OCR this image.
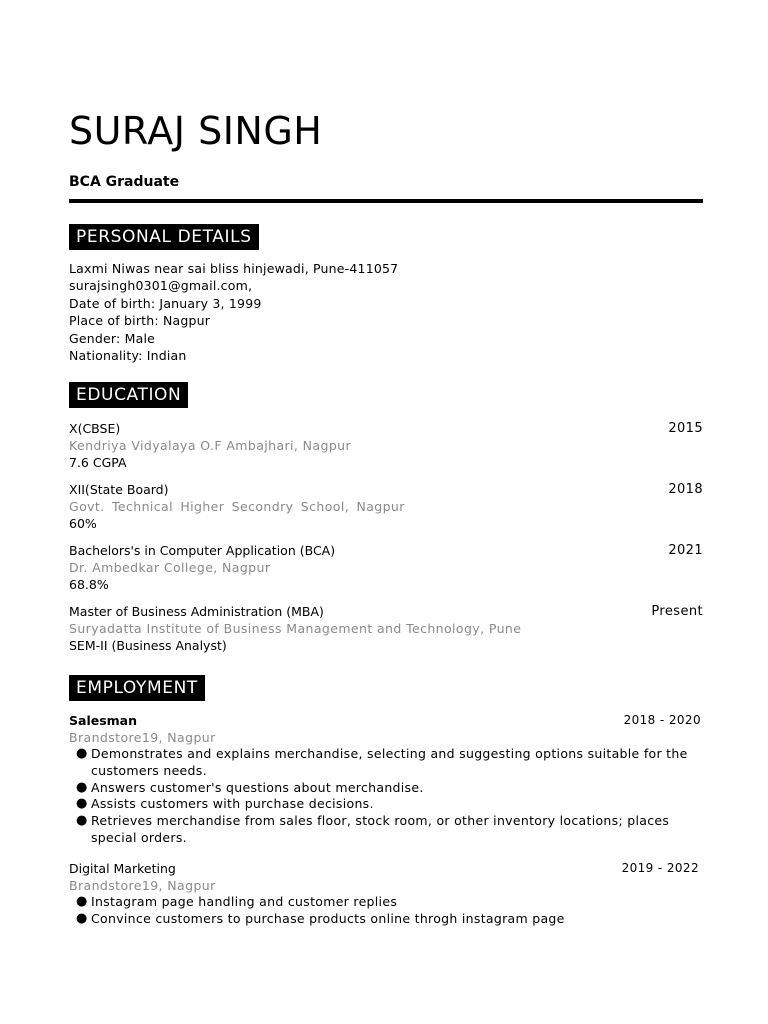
SURAJ SINGH
BCA Graduate
PERSONAL DETAILS
Laxmi Niwas near sai bliss hinjewadi, Pune-411057
surajsingh0301@gmail.com,
Date of birth: January 3, 1999
Place of birth: Nagpur
Gender: Male
Nationality: Indian
EDUCATION
X(CBSE)	2015
Kendriya Vidyalaya O.F Ambajhari, Nagpur
7.6 CGPA
XII(State Board)	2018
Govt. Technical Higher Secondry School, Nagpur
60%
Bachelors's in Computer Application (BCA)	2021
Dr. Ambedkar College, Nagpur
68.8%
Master of Business Administration (MBA)	Present
Suryadatta Institute of Business Management and Technology, Pune
SEM-II (Business Analyst)
EMPLOYMENT
Salesman	2018 - 2020
Brandstore19, Nagpur
● Demonstrates and explains merchandise, selecting and suggesting options suitable for the customers needs.
● Answers customer's questions about merchandise.
● Assists customers with purchase decisions.
● Retrieves merchandise from sales floor, stock room, or other inventory locations; places special orders.
Digital Marketing	2019 - 2022
Brandstore19, Nagpur
● Instagram page handling and customer replies
● Convince customers to purchase products online throgh instagram page
